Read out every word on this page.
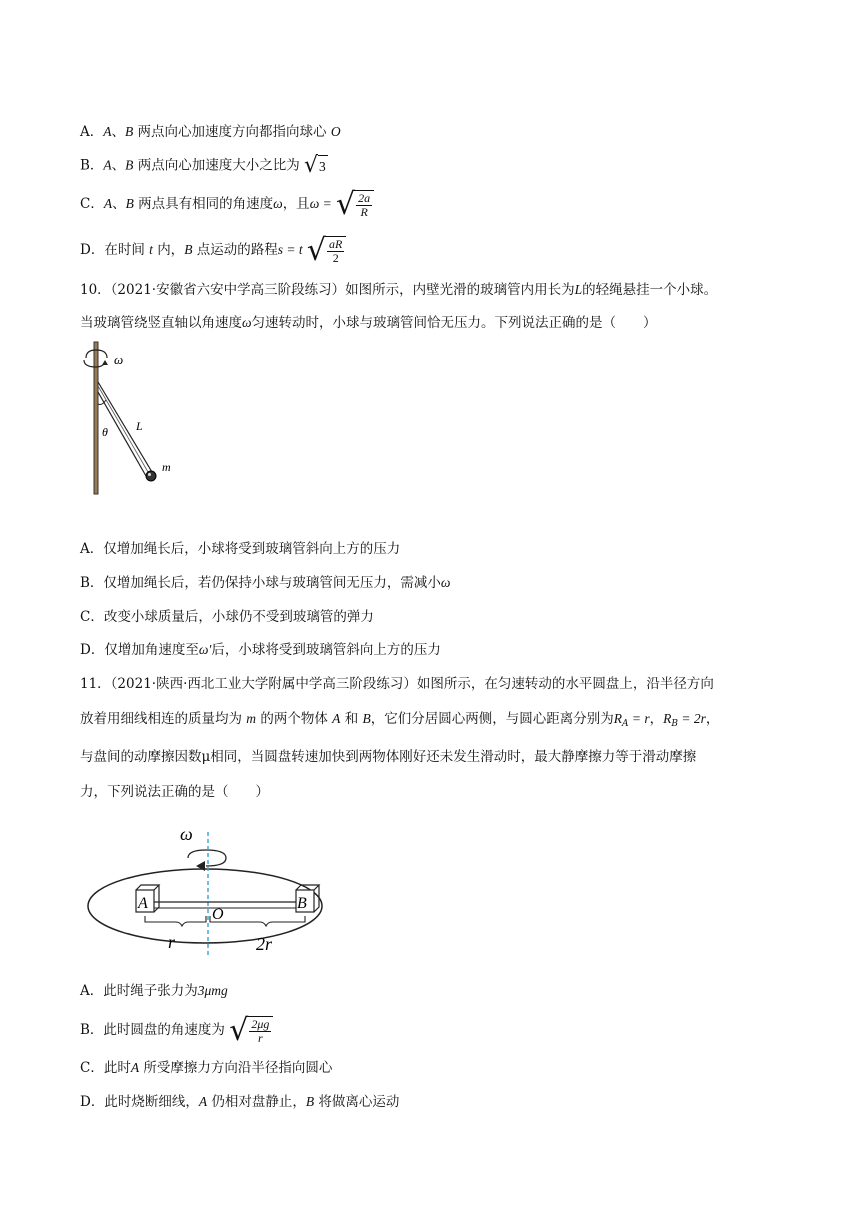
A．A、B 两点向心加速度方向都指向球心 O
B．A、B 两点向心加速度大小之比为 √ 3
C．A、B 两点具有相同的角速度ω，且ω = √ $\frac{2a}{R}$
D．在时间 t 内，B 点运动的路程s = t √ $\frac{aR}{2}$
10．（2021·安徽省六安中学高三阶段练习）如图所示，内壁光滑的玻璃管内用长为L的轻绳悬挂一个小球。
当玻璃管绕竖直轴以角速度ω匀速转动时，小球与玻璃管间恰无压力。下列说法正确的是（　　）
ω
θ L
m
A．仅增加绳长后，小球将受到玻璃管斜向上方的压力
B．仅增加绳长后，若仍保持小球与玻璃管间无压力，需减小ω
C．改变小球质量后，小球仍不受到玻璃管的弹力
D．仅增加角速度至ω′后，小球将受到玻璃管斜向上方的压力
11．（2021·陕西·西北工业大学附属中学高三阶段练习）如图所示，在匀速转动的水平圆盘上，沿半径方向
放着用细线相连的质量均为 m 的两个物体 A 和 B，它们分居圆心两侧，与圆心距离分别为$R_A = r$，$R_B = 2r$，
与盘间的动摩擦因数μ相同，当圆盘转速加快到两物体刚好还未发生滑动时，最大静摩擦力等于滑动摩擦
力，下列说法正确的是（　　）
ω
A	B
O
r	2r
A．此时绳子张力为3μmg
B．此时圆盘的角速度为 √ $\frac{2\mu g}{r}$
C．此时A 所受摩擦力方向沿半径指向圆心
D．此时烧断细线，A 仍相对盘静止，B 将做离心运动
